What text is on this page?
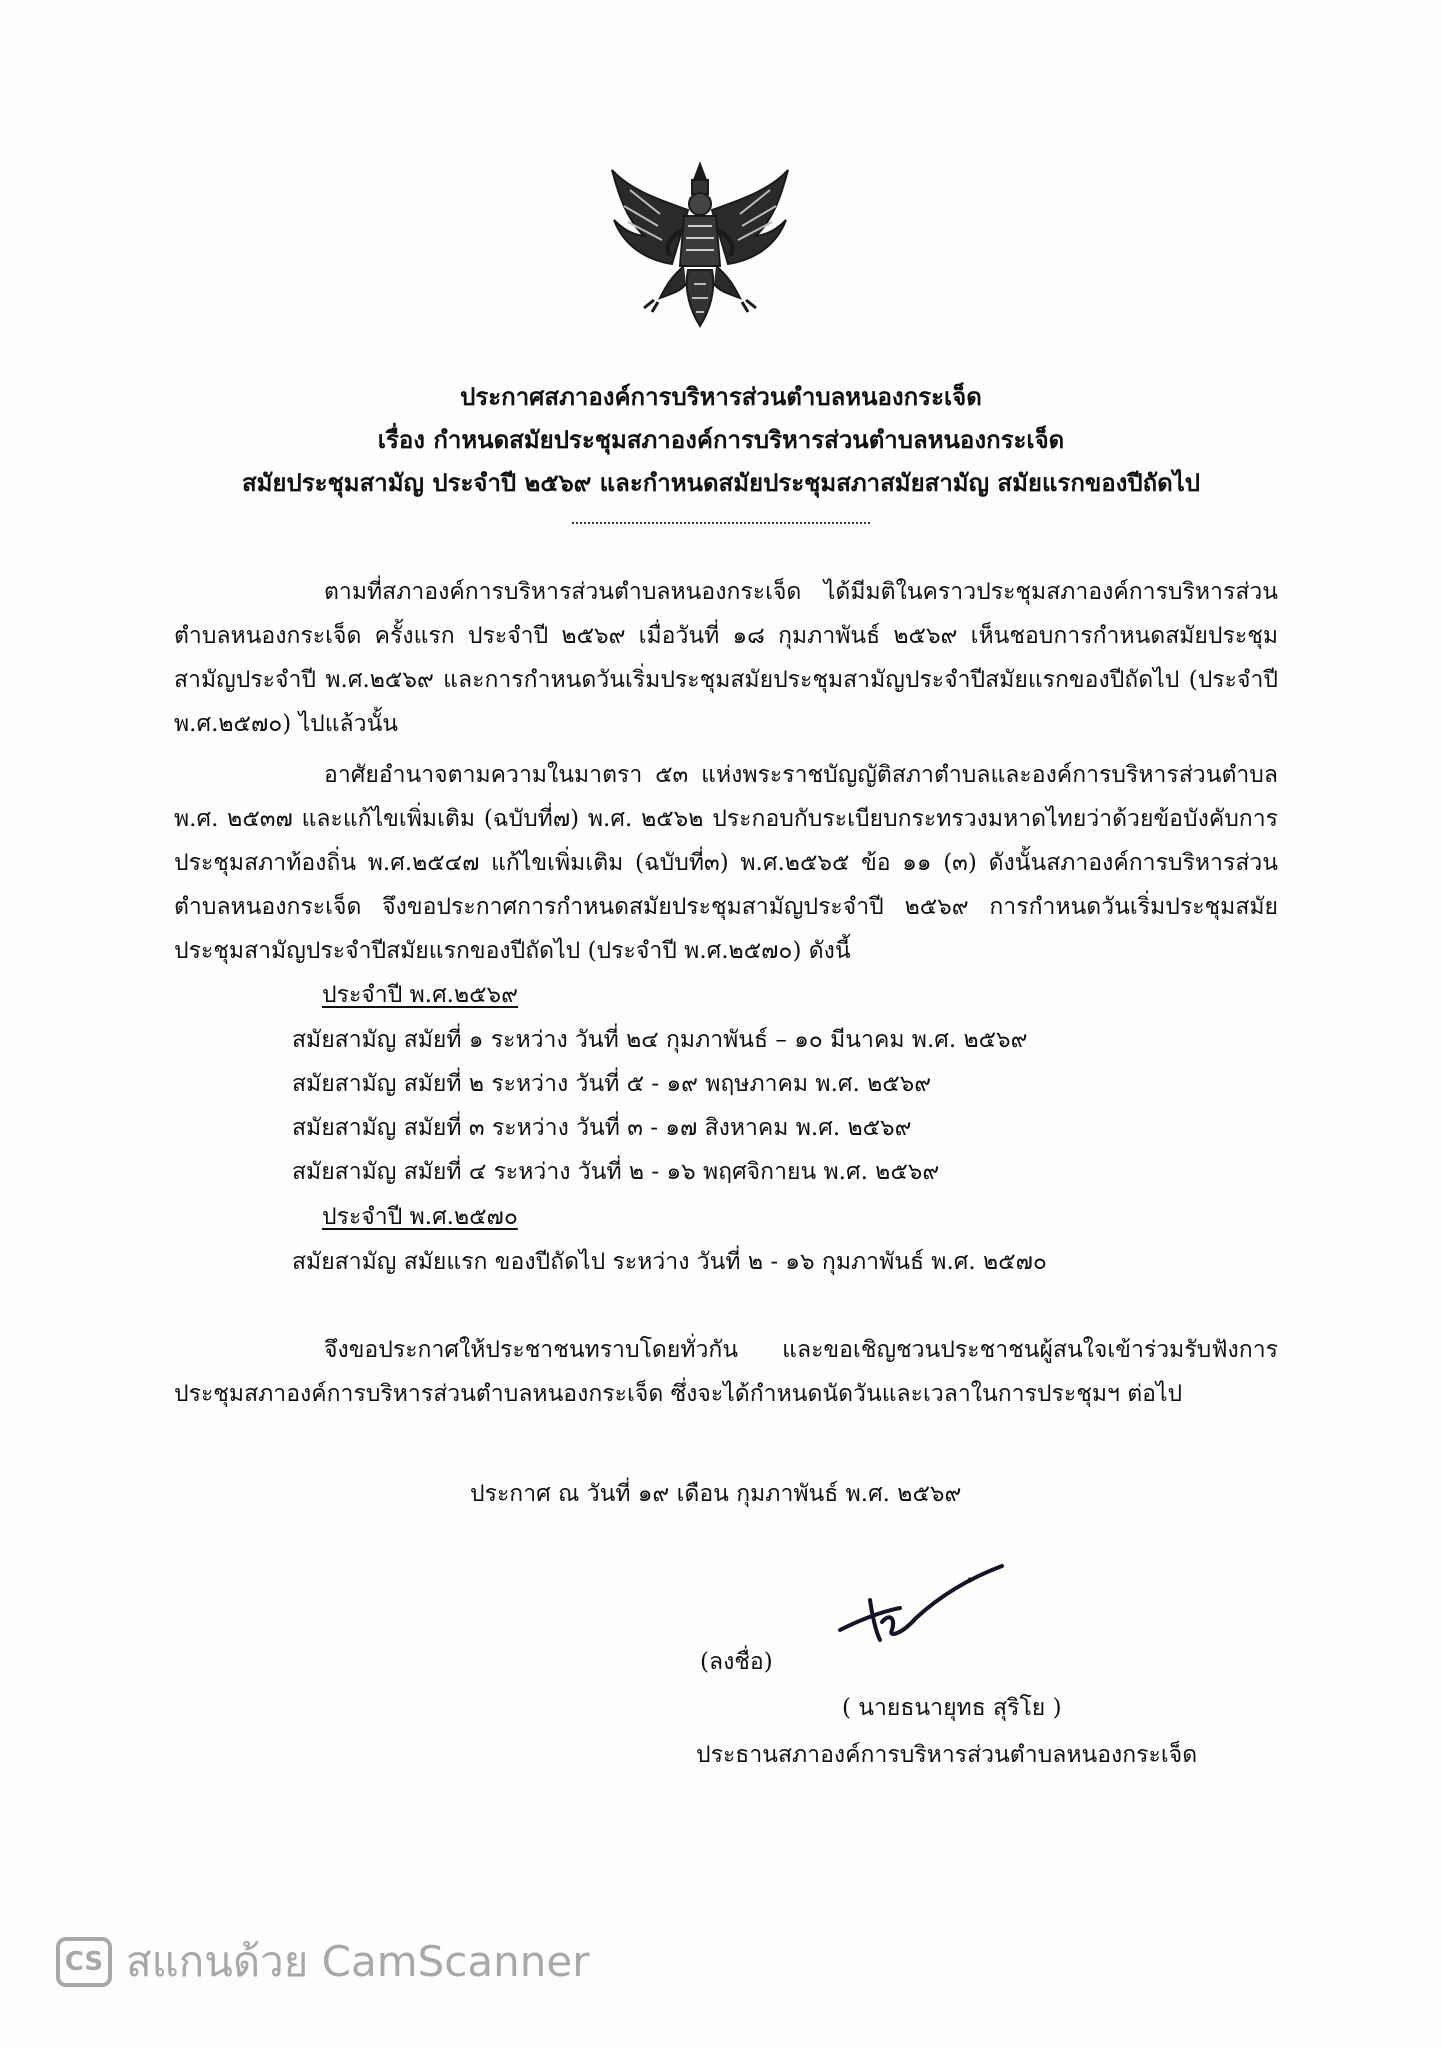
ประกาศสภาองค์การบริหารส่วนตำบลหนองกระเจ็ด
เรื่อง กำหนดสมัยประชุมสภาองค์การบริหารส่วนตำบลหนองกระเจ็ด
สมัยประชุมสามัญ ประจำปี ๒๕๖๙ และกำหนดสมัยประชุมสภาสมัยสามัญ สมัยแรกของปีถัดไป
ตามที่สภาองค์การบริหารส่วนตำบลหนองกระเจ็ด ได้มีมติในคราวประชุมสภาองค์การบริหารส่วนตำบลหนองกระเจ็ด ครั้งแรก ประจำปี ๒๕๖๙ เมื่อวันที่ ๑๘ กุมภาพันธ์ ๒๕๖๙ เห็นชอบการกำหนดสมัยประชุมสามัญประจำปี พ.ศ.๒๕๖๙ และการกำหนดวันเริ่มประชุมสมัยประชุมสามัญประจำปีสมัยแรกของปีถัดไป (ประจำปี พ.ศ.๒๕๗๐) ไปแล้วนั้น
อาศัยอำนาจตามความในมาตรา ๕๓ แห่งพระราชบัญญัติสภาตำบลและองค์การบริหารส่วนตำบล พ.ศ. ๒๕๓๗ และแก้ไขเพิ่มเติม (ฉบับที่๗) พ.ศ. ๒๕๖๒ ประกอบกับระเบียบกระทรวงมหาดไทยว่าด้วยข้อบังคับการประชุมสภาท้องถิ่น พ.ศ.๒๕๔๗ แก้ไขเพิ่มเติม (ฉบับที่๓) พ.ศ.๒๕๖๕ ข้อ ๑๑ (๓) ดังนั้นสภาองค์การบริหารส่วนตำบลหนองกระเจ็ด จึงขอประกาศการกำหนดสมัยประชุมสามัญประจำปี ๒๕๖๙ การกำหนดวันเริ่มประชุมสมัยประชุมสามัญประจำปีสมัยแรกของปีถัดไป (ประจำปี พ.ศ.๒๕๗๐) ดังนี้
ประจำปี พ.ศ.๒๕๖๙
สมัยสามัญ สมัยที่ ๑ ระหว่าง วันที่ ๒๔ กุมภาพันธ์ – ๑๐ มีนาคม พ.ศ. ๒๕๖๙
สมัยสามัญ สมัยที่ ๒ ระหว่าง วันที่ ๕ - ๑๙ พฤษภาคม พ.ศ. ๒๕๖๙
สมัยสามัญ สมัยที่ ๓ ระหว่าง วันที่ ๓ - ๑๗ สิงหาคม พ.ศ. ๒๕๖๙
สมัยสามัญ สมัยที่ ๔ ระหว่าง วันที่ ๒ - ๑๖ พฤศจิกายน พ.ศ. ๒๕๖๙
ประจำปี พ.ศ.๒๕๗๐
สมัยสามัญ สมัยแรก ของปีถัดไป ระหว่าง วันที่ ๒ - ๑๖ กุมภาพันธ์ พ.ศ. ๒๕๗๐
จึงขอประกาศให้ประชาชนทราบโดยทั่วกัน และขอเชิญชวนประชาชนผู้สนใจเข้าร่วมรับฟังการประชุมสภาองค์การบริหารส่วนตำบลหนองกระเจ็ด ซึ่งจะได้กำหนดนัดวันและเวลาในการประชุมฯ ต่อไป
ประกาศ ณ วันที่ ๑๙ เดือน กุมภาพันธ์ พ.ศ. ๒๕๖๙
(ลงชื่อ)
( นายธนายุทธ สุริโย )
ประธานสภาองค์การบริหารส่วนตำบลหนองกระเจ็ด
CS สแกนด้วย CamScanner
